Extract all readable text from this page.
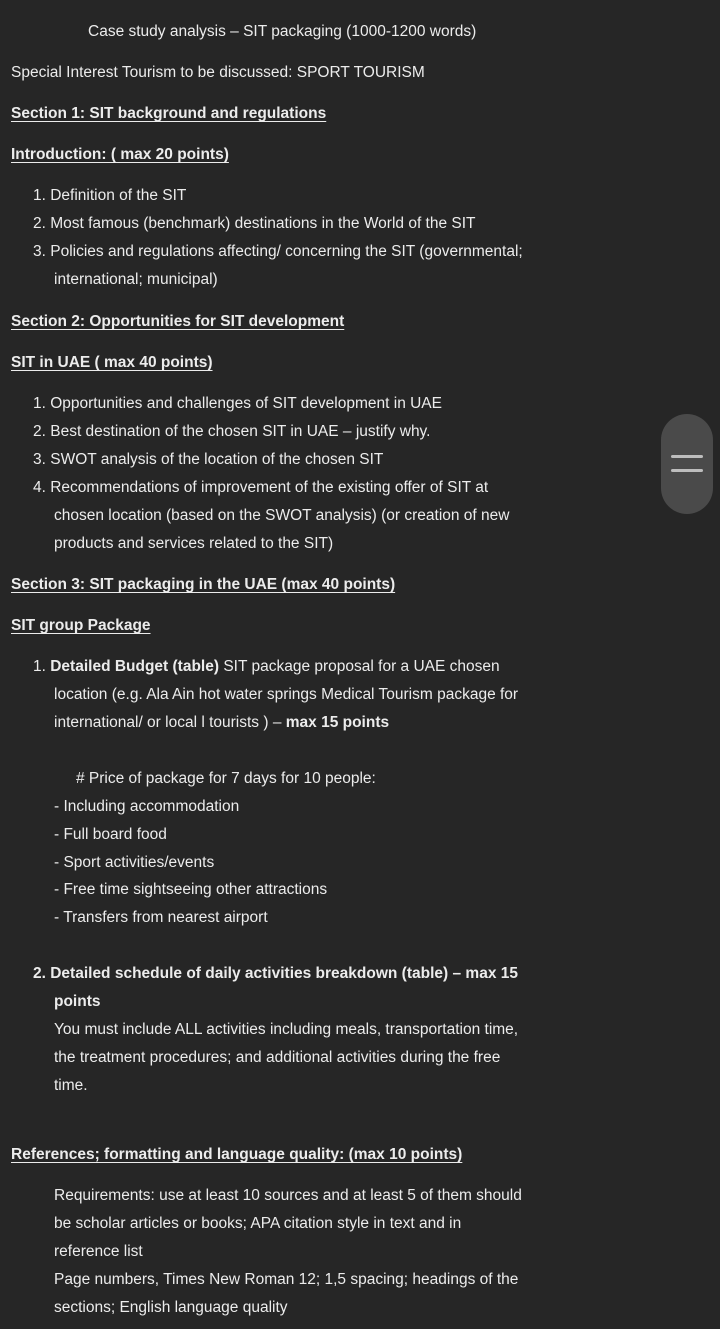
Case study analysis – SIT packaging (1000-1200 words)
Special Interest Tourism to be discussed: SPORT TOURISM
Section 1: SIT background and regulations
Introduction: ( max 20 points)
1. Definition of the SIT
2. Most famous (benchmark) destinations in the World of the SIT
3. Policies and regulations affecting/ concerning the SIT (governmental;
international; municipal)
Section 2: Opportunities for SIT development
SIT in UAE ( max 40 points)
1. Opportunities and challenges of SIT development in UAE
2. Best destination of the chosen SIT in UAE – justify why.
3. SWOT analysis of the location of the chosen SIT
4. Recommendations of improvement of the existing offer of SIT at
chosen location (based on the SWOT analysis) (or creation of new
products and services related to the SIT)
Section 3: SIT packaging in the UAE (max 40 points)
SIT group Package
1. Detailed Budget (table) SIT package proposal for a UAE chosen
location (e.g. Ala Ain hot water springs Medical Tourism package for
international/ or local l tourists ) – max 15 points
# Price of package for 7 days for 10 people:
- Including accommodation
- Full board food
- Sport activities/events
- Free time sightseeing other attractions
- Transfers from nearest airport
2. Detailed schedule of daily activities breakdown (table) – max 15
points
You must include ALL activities including meals, transportation time,
the treatment procedures; and additional activities during the free
time.
References; formatting and language quality: (max 10 points)
Requirements: use at least 10 sources and at least 5 of them should
be scholar articles or books; APA citation style in text and in
reference list
Page numbers, Times New Roman 12; 1,5 spacing; headings of the
sections; English language quality
